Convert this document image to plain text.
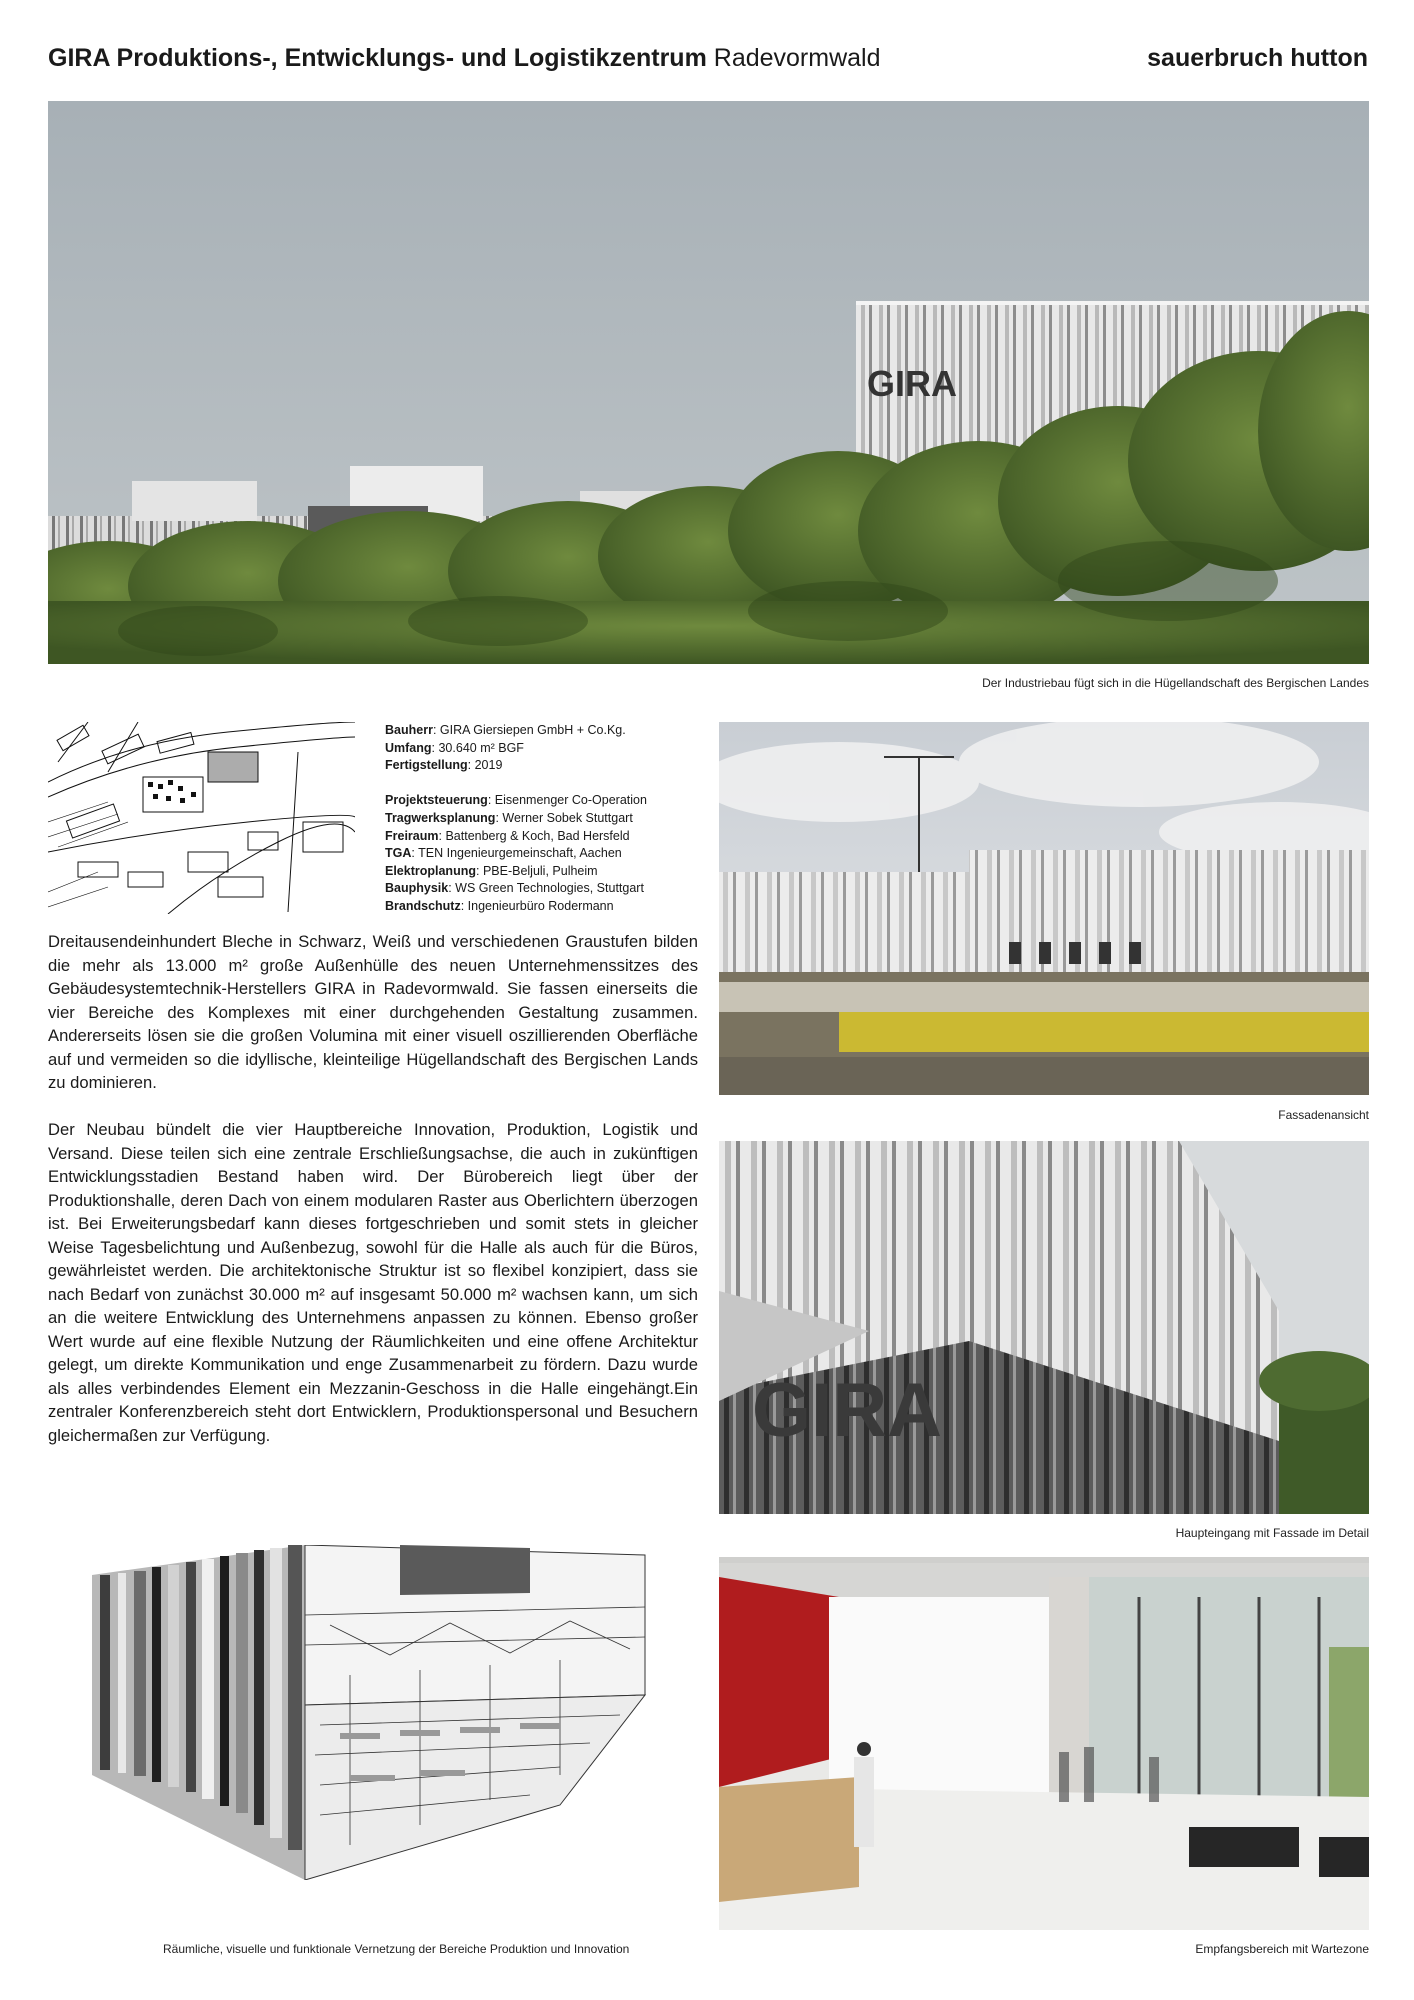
GIRA Produktions-, Entwicklungs- und Logistikzentrum Radevormwald	sauerbruch hutton
GIRA
Der Industriebau fügt sich in die Hügellandschaft des Bergischen Landes
Bauherr: GIRA Giersiepen GmbH + Co.Kg.
Umfang: 30.640 m² BGF
Fertigstellung: 2019
Projektsteuerung: Eisenmenger Co-Operation
Tragwerksplanung: Werner Sobek Stuttgart
Freiraum: Battenberg & Koch, Bad Hersfeld
TGA: TEN Ingenieurgemeinschaft, Aachen
Elektroplanung: PBE-Beljuli, Pulheim
Bauphysik: WS Green Technologies, Stuttgart
Brandschutz: Ingenieurbüro Rodermann

Dreitausendeinhundert Bleche in Schwarz, Weiß und verschiedenen Graustufen bilden die mehr als 13.000 m² große Außenhülle des neuen Unternehmenssitzes des Gebäudesystemtechnik-Herstellers GIRA in Radevormwald. Sie fassen einerseits die vier Bereiche des Komplexes mit einer durchgehenden Gestaltung zusammen. Andererseits lösen sie die großen Volumina mit einer visuell oszillierenden Oberfläche auf und vermeiden so die idyllische, kleinteilige Hügellandschaft des Bergischen Lands zu dominieren.

Der Neubau bündelt die vier Hauptbereiche Innovation, Produktion, Logistik und Versand. Diese teilen sich eine zentrale Erschließungsachse, die auch in zukünftigen Entwicklungsstadien Bestand haben wird. Der Bürobereich liegt über der Produktionshalle, deren Dach von einem modularen Raster aus Oberlichtern überzogen ist. Bei Erweiterungsbedarf kann dieses fortgeschrieben und somit stets in gleicher Weise Tagesbelichtung und Außenbezug, sowohl für die Halle als auch für die Büros, gewährleistet werden. Die architektonische Struktur ist so flexibel konzipiert, dass sie nach Bedarf von zunächst 30.000 m² auf insgesamt 50.000 m² wachsen kann, um sich an die weitere Entwicklung des Unternehmens anpassen zu können. Ebenso großer Wert wurde auf eine flexible Nutzung der Räumlichkeiten und eine offene Architektur gelegt, um direkte Kommunikation und enge Zusammenarbeit zu fördern. Dazu wurde als alles verbindendes Element ein Mezzanin-Geschoss in die Halle eingehängt.Ein zentraler Konferenzbereich steht dort Entwicklern, Produktionspersonal und Besuchern gleichermaßen zur Verfügung.

Fassadenansicht
GIRA
Haupteingang mit Fassade im Detail
Räumliche, visuelle und funktionale Vernetzung der Bereiche Produktion und Innovation	Empfangsbereich mit Wartezone
